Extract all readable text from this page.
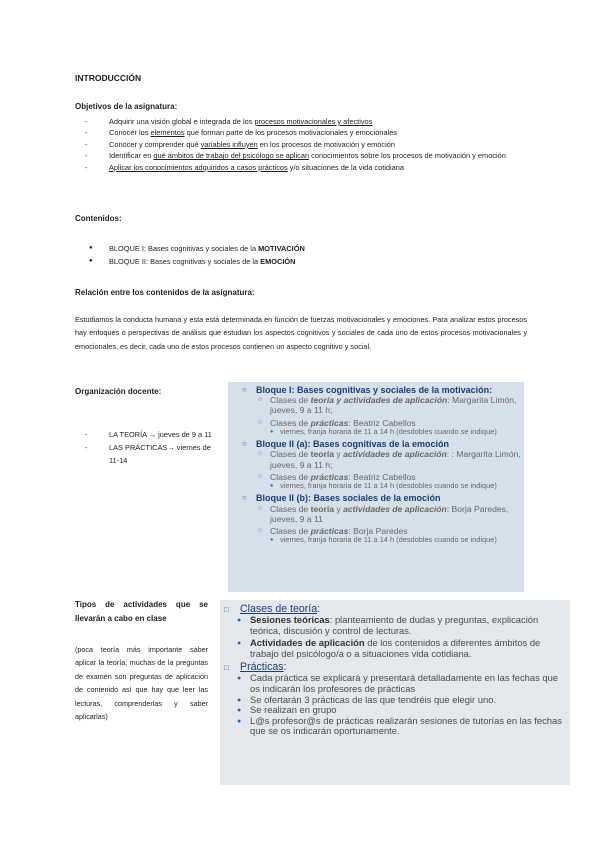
INTRODUCCIÓN
Objetivos de la asignatura:
- Adquirir una visión global e integrada de los procesos motivacionales y afectivos
- Conocer los elementos que forman parte de los procesos motivacionales y emocionales
- Conocer y comprender qué variables influyen en los procesos de motivación y emoción
- Identificar en qué ámbitos de trabajo del psicólogo se aplican conocimientos sobre los procesos de motivación y emoción
- Aplicar los conocimientos adquiridos a casos prácticos y/o situaciones de la vida cotidiana
Contenidos:
● BLOQUE I: Bases cognitivas y sociales de la MOTIVACIÓN
● BLOQUE II: Bases cognitivas y sociales de la EMOCIÓN
Relación entre los contenidos de la asignatura:
Estudiamos la conducta humana y esta está determinada en función de fuerzas motivacionales y emociones. Para analizar estos procesos hay enfoques o perspectivas de análisis que estudian los aspectos cognitivos y sociales de cada uno de estos procesos motivacionales y emocionales, es decir, cada uno de estos procesos contienen un aspecto cognitivo y social.
Organización docente:
- LA TEORÍA → jueves de 9 a 11
- LAS PRÁCTICAS→ viernes de 11-14
○ Bloque I: Bases cognitivas y sociales de la motivación:
○ Clases de teoría y actividades de aplicación: Margarita Limón, jueves, 9 a 11 h;
○ Clases de prácticas: Beatriz Cabellos
● viernes, franja horaria de 11 a 14 h (desdobles cuando se indique)
○ Bloque II (a): Bases cognitivas de la emoción
○ Clases de teoría y actividades de aplicación: : Margarita Limón, jueves, 9 a 11 h;
○ Clases de prácticas: Beatriz Cabellos
● viernes, franja horaria de 11 a 14 h (desdobles cuando se indique)
○ Bloque II (b): Bases sociales de la emoción
○ Clases de teoría y actividades de aplicación: Borja Paredes, jueves, 9 a 11
○ Clases de prácticas: Borja Paredes
● viernes, franja horaria de 11 a 14 h (desdobles cuando se indique)
Tipos de actividades que se llevarán a cabo en clase
(poca teoría más importante saber aplicar la teoría, muchas de la preguntas de examen son preguntas de aplicación de contenido así que hay que leer las lecturas, comprenderlas y saber aplicarlas)
□ Clases de teoría:
● Sesiones teóricas: planteamiento de dudas y preguntas, explicación teórica, discusión y control de lecturas.
● Actividades de aplicación de los contenidos a diferentes ámbitos de trabajo del psicólogo/a o a situaciones vida cotidiana.
□ Prácticas:
● Cada práctica se explicará y presentará detalladamente en las fechas que os indicarán los profesores de prácticas
● Se ofertarán 3 prácticas de las que tendréis que elegir uno.
● Se realizan en grupo
● L@s profesor@s de prácticas realizarán sesiones de tutorías en las fechas que se os indicarán oportunamente.
